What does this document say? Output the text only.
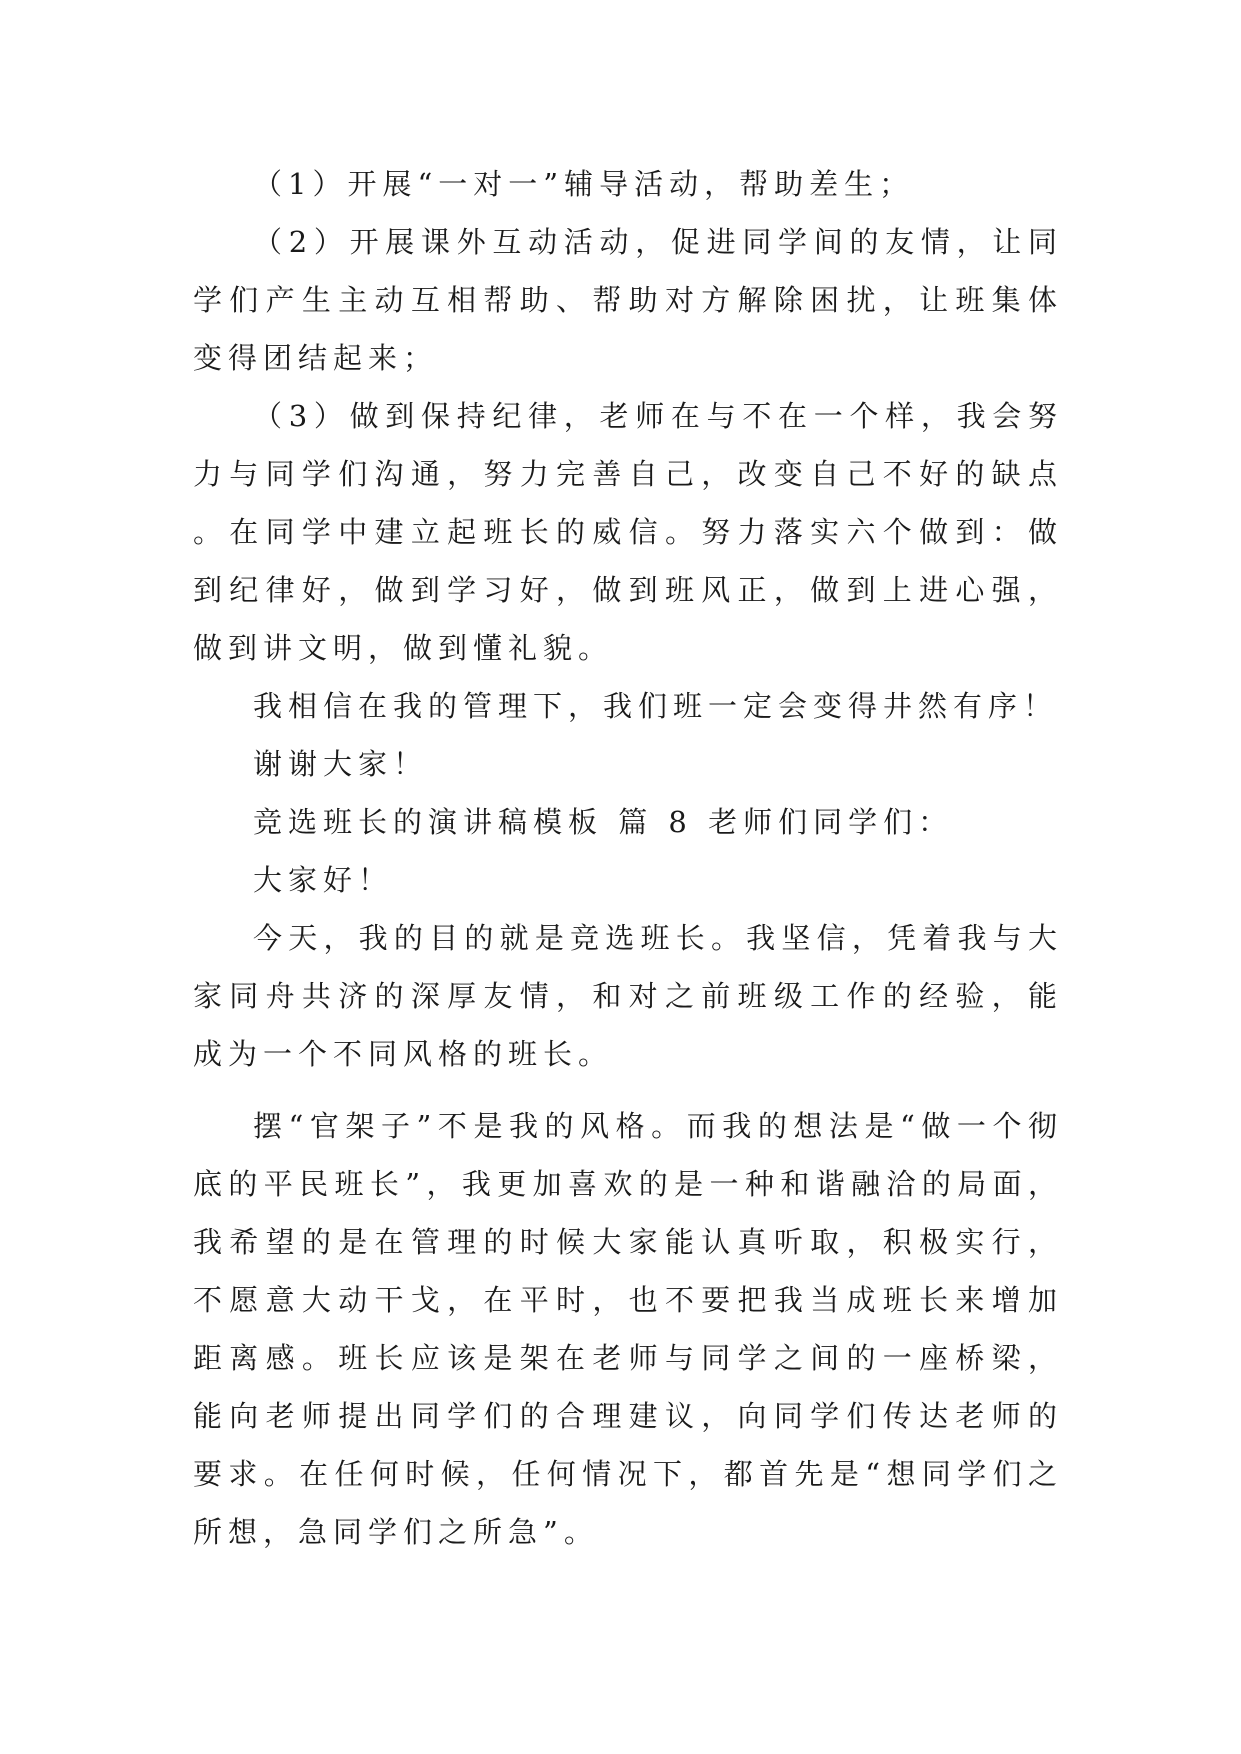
（1）开展“一对一”辅导活动，帮助差生；

（2）开展课外互动活动，促进同学间的友情，让同学们产生主动互相帮助、帮助对方解除困扰，让班集体变得团结起来；

（3）做到保持纪律，老师在与不在一个样，我会努力与同学们沟通，努力完善自己，改变自己不好的缺点。在同学中建立起班长的威信。努力落实六个做到：做到纪律好，做到学习好，做到班风正，做到上进心强，做到讲文明，做到懂礼貌。

我相信在我的管理下，我们班一定会变得井然有序！

谢谢大家！

竞选班长的演讲稿模板 篇 8 老师们同学们：

大家好！

今天，我的目的就是竞选班长。我坚信，凭着我与大家同舟共济的深厚友情，和对之前班级工作的经验，能成为一个不同风格的班长。

摆“官架子”不是我的风格。而我的想法是“做一个彻底的平民班长”，我更加喜欢的是一种和谐融洽的局面，我希望的是在管理的时候大家能认真听取，积极实行，不愿意大动干戈，在平时，也不要把我当成班长来增加距离感。班长应该是架在老师与同学之间的一座桥梁，能向老师提出同学们的合理建议，向同学们传达老师的要求。在任何时候，任何情况下，都首先是“想同学们之所想，急同学们之所急”。
